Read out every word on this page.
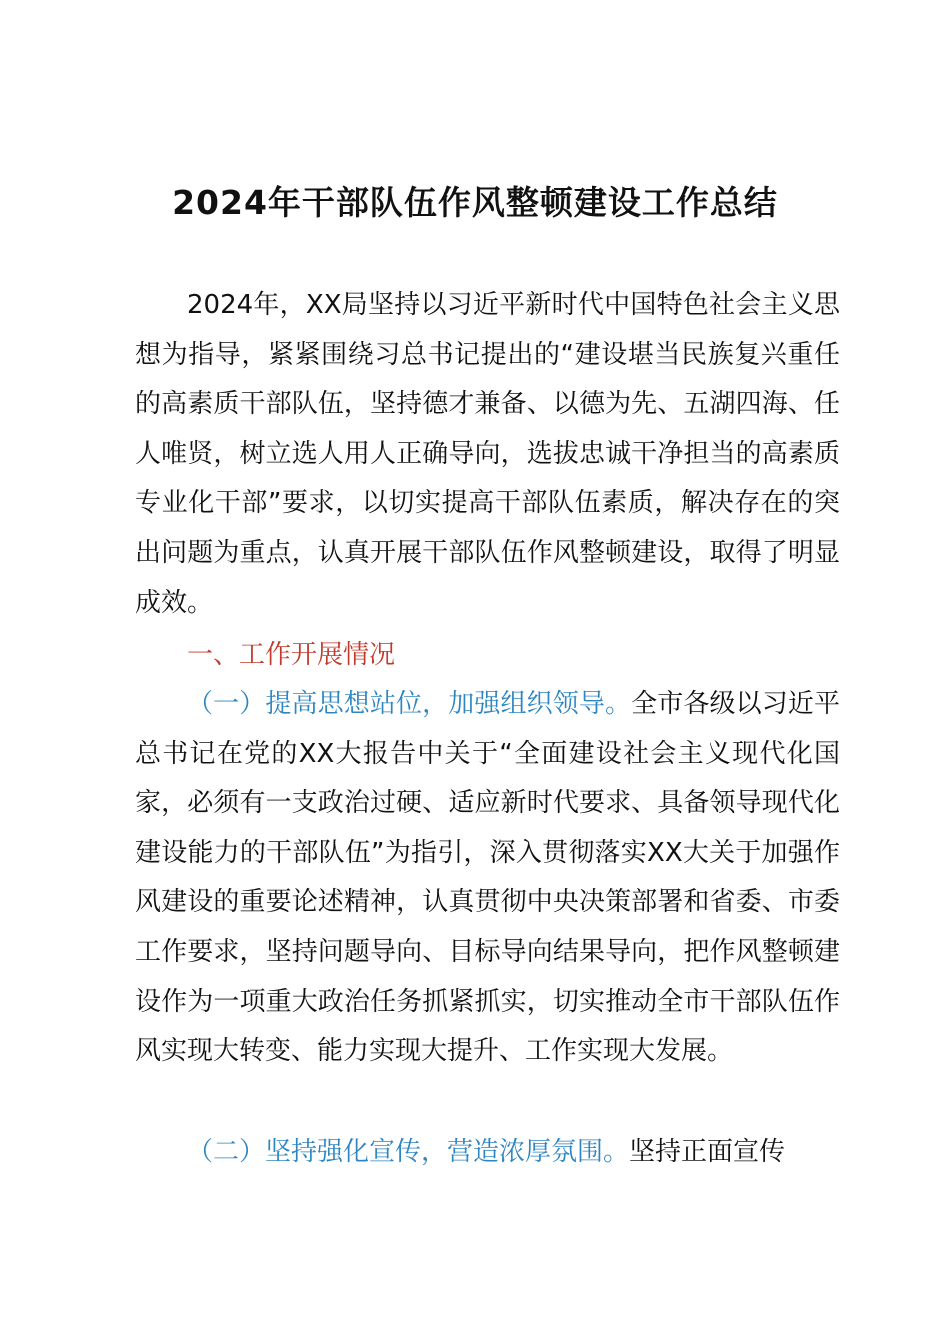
2024年干部队伍作风整顿建设工作总结

2024年，XX局坚持以习近平新时代中国特色社会主义思想为指导，紧紧围绕习总书记提出的“建设堪当民族复兴重任的高素质干部队伍，坚持德才兼备、以德为先、五湖四海、任人唯贤，树立选人用人正确导向，选拔忠诚干净担当的高素质专业化干部”要求，以切实提高干部队伍素质，解决存在的突出问题为重点，认真开展干部队伍作风整顿建设，取得了明显成效。

一、工作开展情况

（一）提高思想站位，加强组织领导。全市各级以习近平总书记在党的XX大报告中关于“全面建设社会主义现代化国家，必须有一支政治过硬、适应新时代要求、具备领导现代化建设能力的干部队伍”为指引，深入贯彻落实XX大关于加强作风建设的重要论述精神，认真贯彻中央决策部署和省委、市委工作要求，坚持问题导向、目标导向结果导向，把作风整顿建设作为一项重大政治任务抓紧抓实，切实推动全市干部队伍作风实现大转变、能力实现大提升、工作实现大发展。

（二）坚持强化宣传，营造浓厚氛围。坚持正面宣传
